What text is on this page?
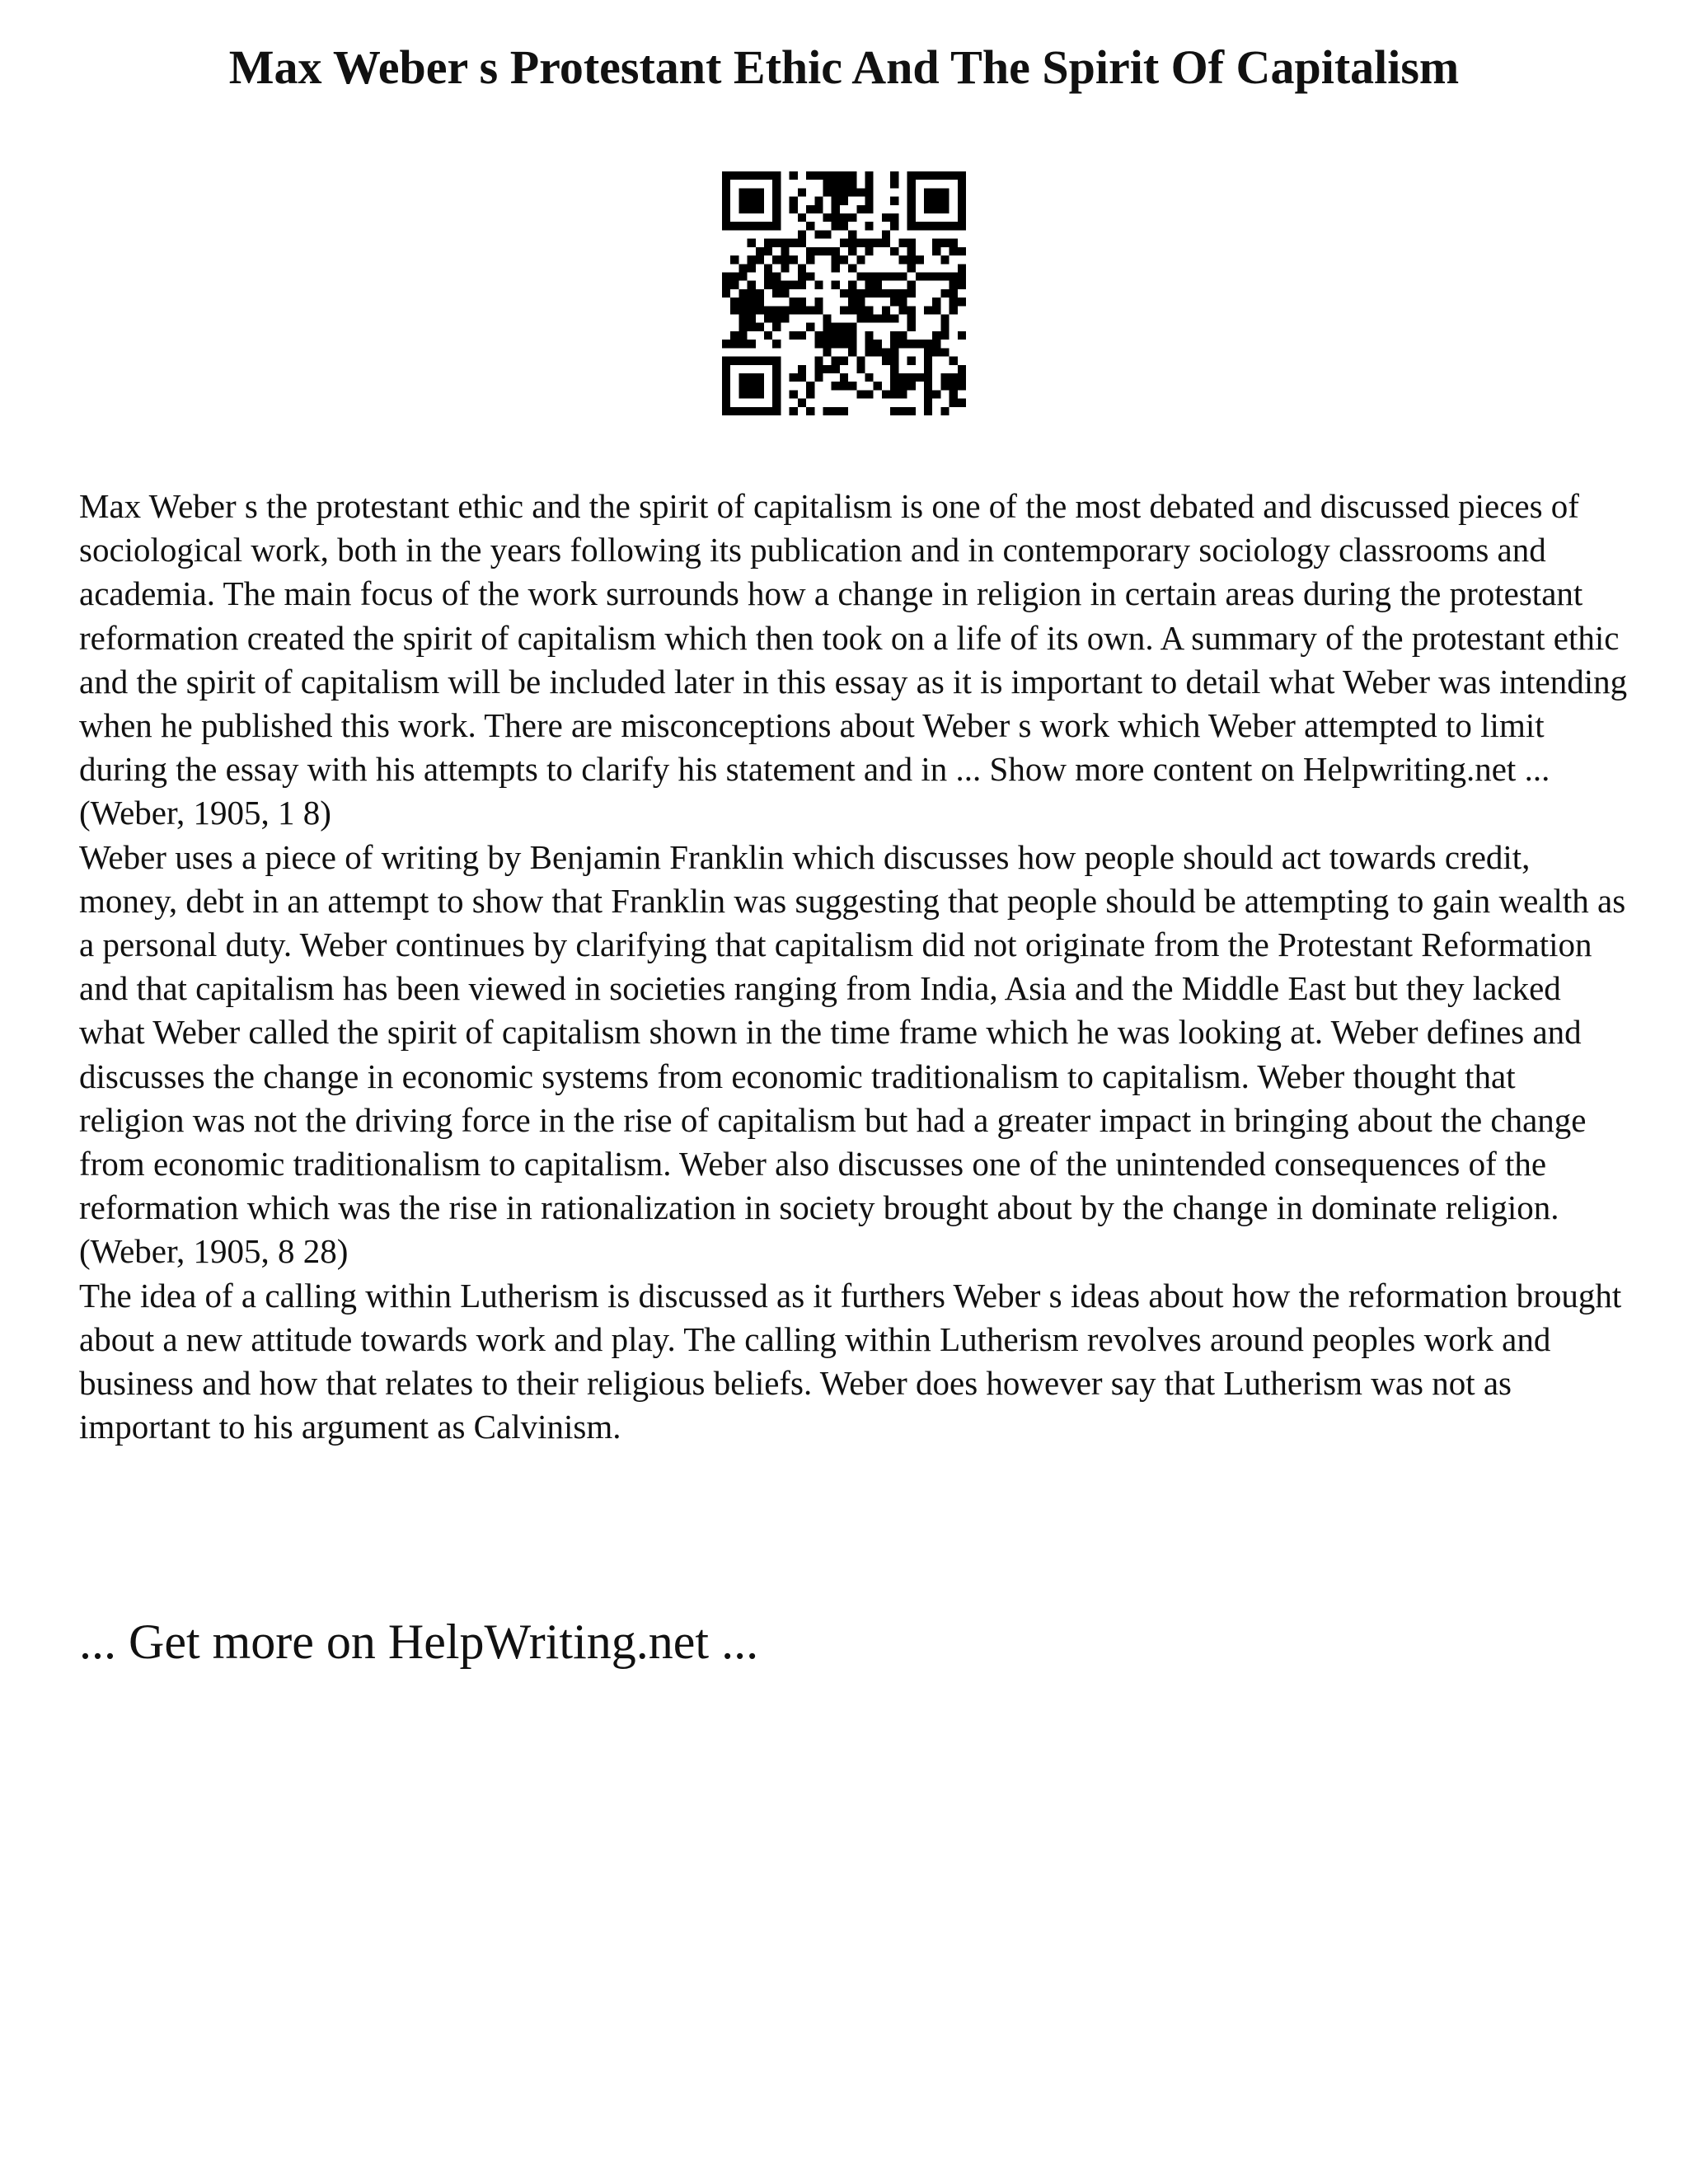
Max Weber s Protestant Ethic And The Spirit Of Capitalism

Max Weber s the protestant ethic and the spirit of capitalism is one of the most debated and discussed pieces of sociological work, both in the years following its publication and in contemporary sociology classrooms and academia. The main focus of the work surrounds how a change in religion in certain areas during the protestant reformation created the spirit of capitalism which then took on a life of its own. A summary of the protestant ethic and the spirit of capitalism will be included later in this essay as it is important to detail what Weber was intending when he published this work. There are misconceptions about Weber s work which Weber attempted to limit during the essay with his attempts to clarify his statement and in ... Show more content on Helpwriting.net ...

(Weber, 1905, 1 8)

Weber uses a piece of writing by Benjamin Franklin which discusses how people should act towards credit, money, debt in an attempt to show that Franklin was suggesting that people should be attempting to gain wealth as a personal duty. Weber continues by clarifying that capitalism did not originate from the Protestant Reformation and that capitalism has been viewed in societies ranging from India, Asia and the Middle East but they lacked what Weber called the spirit of capitalism shown in the time frame which he was looking at. Weber defines and discusses the change in economic systems from economic traditionalism to capitalism. Weber thought that religion was not the driving force in the rise of capitalism but had a greater impact in bringing about the change from economic traditionalism to capitalism. Weber also discusses one of the unintended consequences of the reformation which was the rise in rationalization in society brought about by the change in dominate religion.

(Weber, 1905, 8 28)

The idea of a calling within Lutherism is discussed as it furthers Weber s ideas about how the reformation brought about a new attitude towards work and play. The calling within Lutherism revolves around peoples work and business and how that relates to their religious beliefs. Weber does however say that Lutherism was not as important to his argument as Calvinism.

... Get more on HelpWriting.net ...
